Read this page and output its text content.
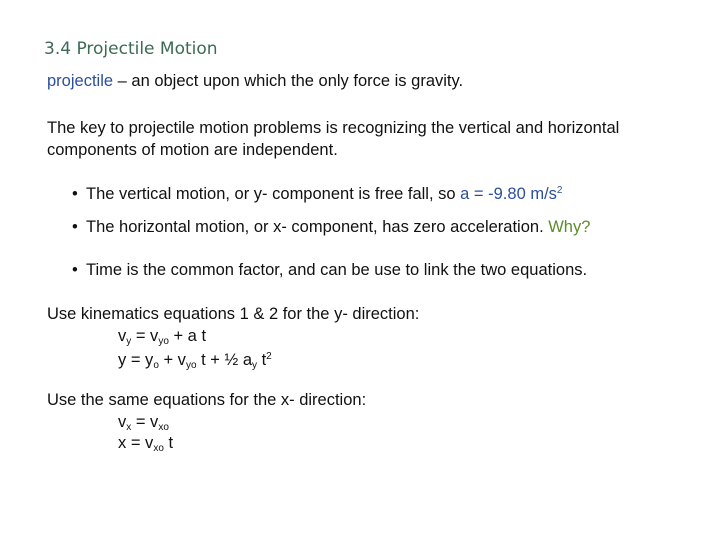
3.4 Projectile Motion

projectile – an object upon which the only force is gravity.

The key to projectile motion problems is recognizing the vertical and horizontal components of motion are independent.

• The vertical motion, or y- component is free fall, so a = -9.80 $m/s^2$
• The horizontal motion, or x- component, has zero acceleration. Why?
• Time is the common factor, and can be use to link the two equations.
Use kinematics equations 1 & 2 for the y- direction:
$v_y = v_{yo} + a$ t
$y = y_o + v_{yo}$ t + ½ $a_y$ $t^2$
Use the same equations for the x- direction:
$v_x = v_{xo}$
$x = v_{xo}$ t
